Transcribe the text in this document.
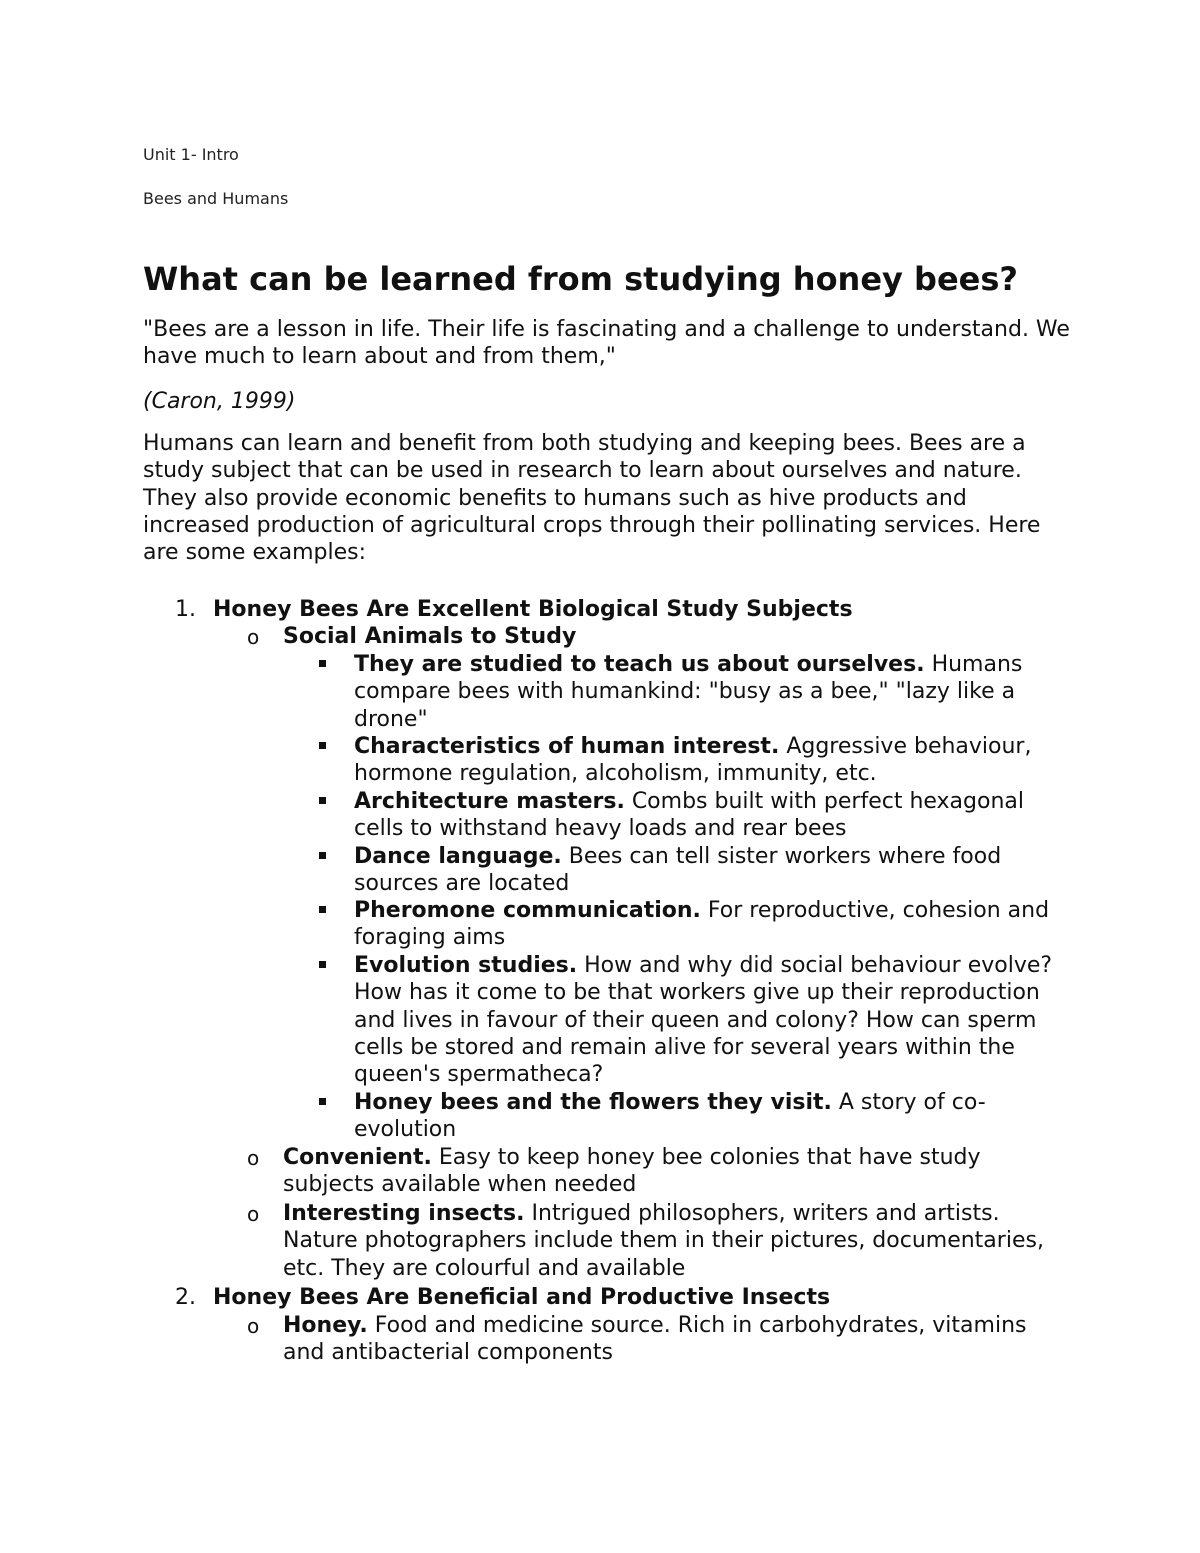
Unit 1- Intro
Bees and Humans
What can be learned from studying honey bees?

"Bees are a lesson in life. Their life is fascinating and a challenge to understand. We have much to learn about and from them,"

(Caron, 1999)

Humans can learn and benefit from both studying and keeping bees. Bees are a study subject that can be used in research to learn about ourselves and nature. They also provide economic benefits to humans such as hive products and increased production of agricultural crops through their pollinating services. Here are some examples:

1. Honey Bees Are Excellent Biological Study Subjects

o Social Animals to Study

They are studied to teach us about ourselves. Humans compare bees with humankind: "busy as a bee," "lazy like a drone"

Characteristics of human interest. Aggressive behaviour, hormone regulation, alcoholism, immunity, etc.

Architecture masters. Combs built with perfect hexagonal cells to withstand heavy loads and rear bees

Dance language. Bees can tell sister workers where food sources are located

Pheromone communication. For reproductive, cohesion and foraging aims

Evolution studies. How and why did social behaviour evolve? How has it come to be that workers give up their reproduction and lives in favour of their queen and colony? How can sperm cells be stored and remain alive for several years within the queen's spermatheca?

Honey bees and the flowers they visit. A story of co-evolution

o Convenient. Easy to keep honey bee colonies that have study subjects available when needed

o Interesting insects. Intrigued philosophers, writers and artists. Nature photographers include them in their pictures, documentaries, etc. They are colourful and available

2. Honey Bees Are Beneficial and Productive Insects

o Honey. Food and medicine source. Rich in carbohydrates, vitamins and antibacterial components
